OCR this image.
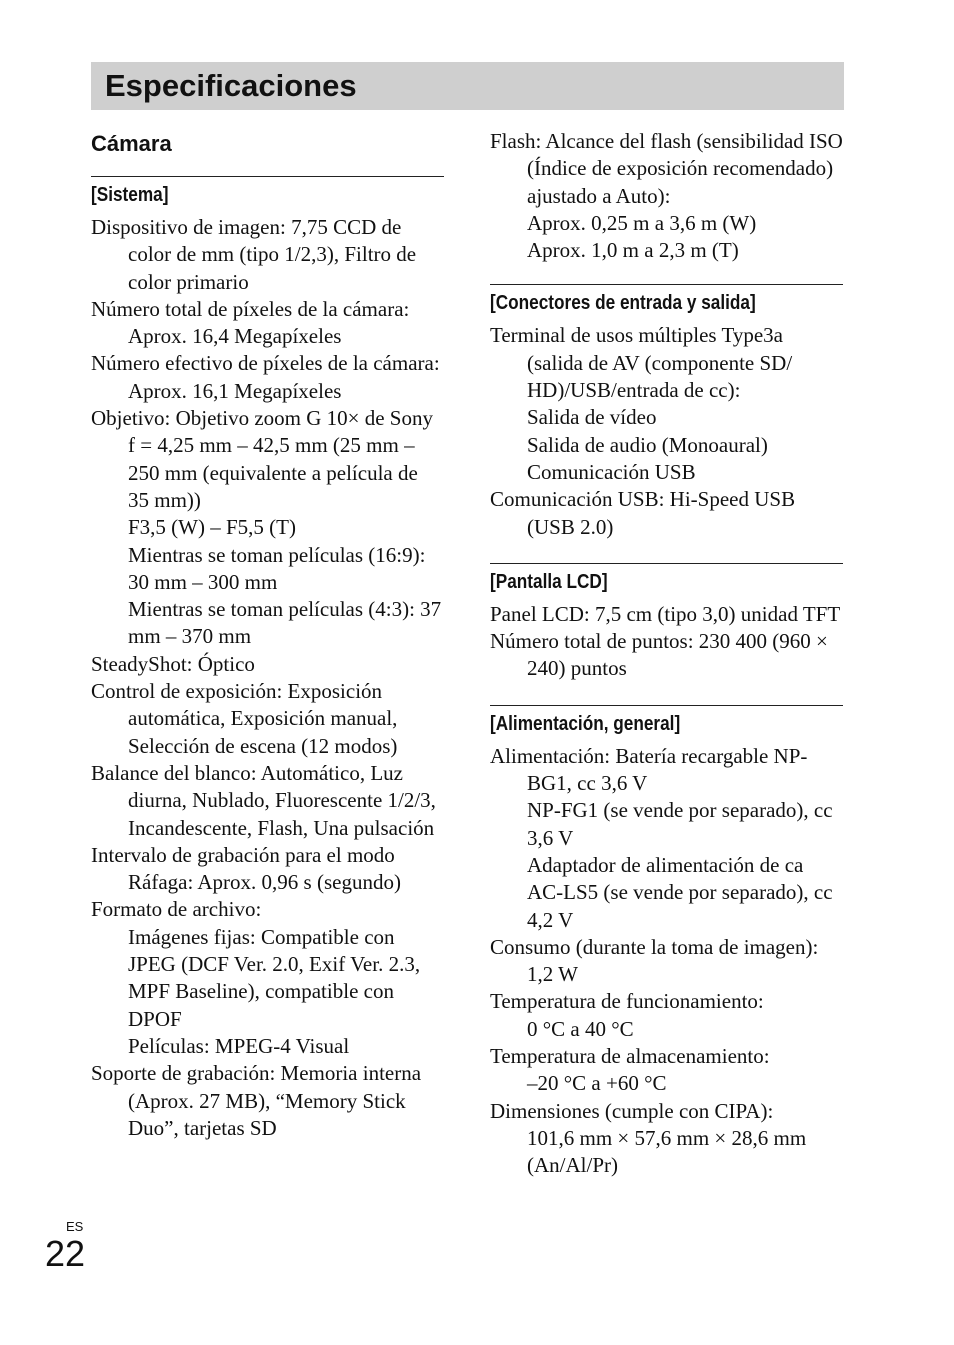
Especificaciones
Cámara
[Sistema]
Dispositivo de imagen: 7,75 CCD de color de mm (tipo 1/2,3), Filtro de color primario
Número total de píxeles de la cámara:
Aprox. 16,4 Megapíxeles
Número efectivo de píxeles de la cámara:
Aprox. 16,1 Megapíxeles
Objetivo: Objetivo zoom G 10× de Sony
f = 4,25 mm – 42,5 mm (25 mm – 250 mm (equivalente a película de 35 mm))
F3,5 (W) – F5,5 (T)
Mientras se toman películas (16:9): 30 mm – 300 mm
Mientras se toman películas (4:3): 37 mm – 370 mm
SteadyShot: Óptico
Control de exposición: Exposición automática, Exposición manual, Selección de escena (12 modos)
Balance del blanco: Automático, Luz diurna, Nublado, Fluorescente 1/2/3, Incandescente, Flash, Una pulsación
Intervalo de grabación para el modo Ráfaga: Aprox. 0,96 s (segundo)
Formato de archivo:
Imágenes fijas: Compatible con JPEG (DCF Ver. 2.0, Exif Ver. 2.3, MPF Baseline), compatible con DPOF
Películas: MPEG-4 Visual
Soporte de grabación: Memoria interna (Aprox. 27 MB), “Memory Stick Duo”, tarjetas SD
Flash: Alcance del flash (sensibilidad ISO (Índice de exposición recomendado) ajustado a Auto):
Aprox. 0,25 m a 3,6 m (W)
Aprox. 1,0 m a 2,3 m (T)
[Conectores de entrada y salida]
Terminal de usos múltiples Type3a (salida de AV (componente SD/ HD)/USB/entrada de cc):
Salida de vídeo
Salida de audio (Monoaural)
Comunicación USB
Comunicación USB: Hi-Speed USB (USB 2.0)
[Pantalla LCD]
Panel LCD: 7,5 cm (tipo 3,0) unidad TFT
Número total de puntos: 230 400 (960 × 240) puntos
[Alimentación, general]
Alimentación: Batería recargable NP-BG1, cc 3,6 V
NP-FG1 (se vende por separado), cc 3,6 V
Adaptador de alimentación de ca AC-LS5 (se vende por separado), cc 4,2 V
Consumo (durante la toma de imagen): 1,2 W
Temperatura de funcionamiento:
0 °C a 40 °C
Temperatura de almacenamiento:
–20 °C a +60 °C
Dimensiones (cumple con CIPA):
101,6 mm × 57,6 mm × 28,6 mm (An/Al/Pr)
ES
22
